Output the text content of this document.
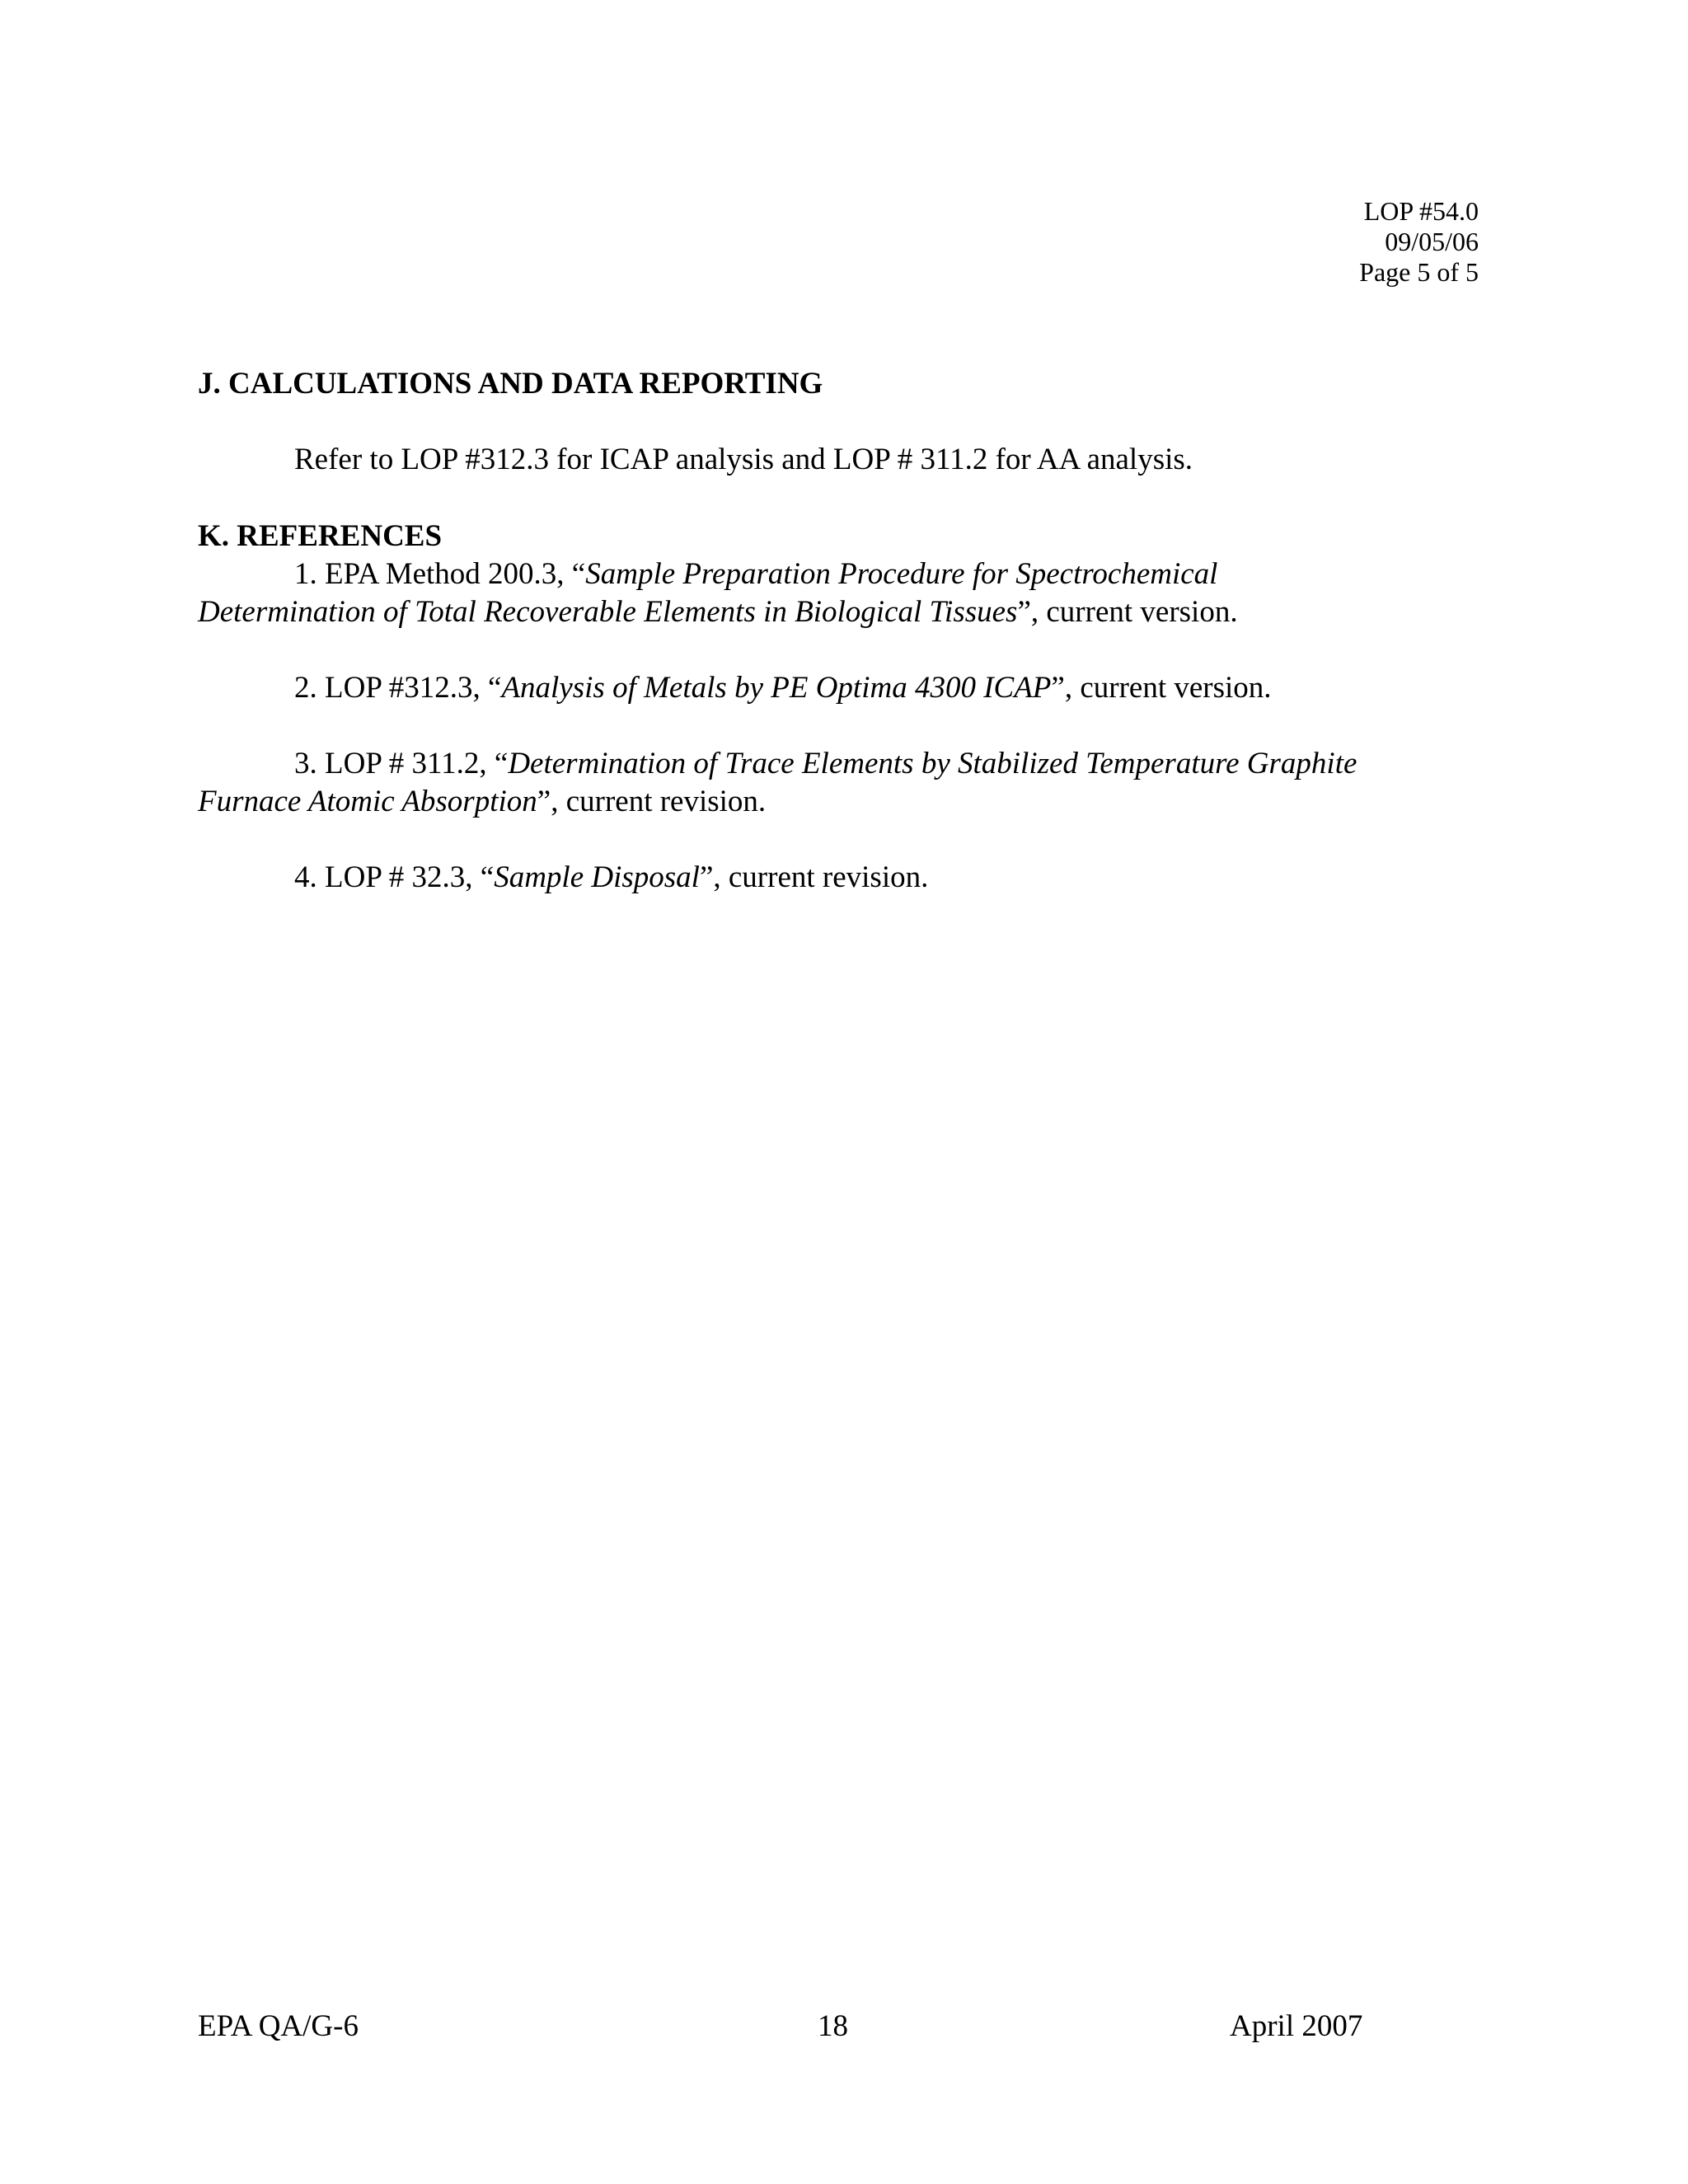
LOP #54.0
09/05/06
Page 5 of 5
J. CALCULATIONS AND DATA REPORTING
Refer to LOP #312.3 for ICAP analysis and LOP # 311.2 for AA analysis.
K. REFERENCES
1. EPA Method 200.3, “Sample Preparation Procedure for Spectrochemical
Determination of Total Recoverable Elements in Biological Tissues”, current version.
2. LOP #312.3, “Analysis of Metals by PE Optima 4300 ICAP”, current version.
3. LOP # 311.2, “Determination of Trace Elements by Stabilized Temperature Graphite
Furnace Atomic Absorption”, current revision.
4. LOP # 32.3, “Sample Disposal”, current revision.
EPA QA/G-6	18	April 2007
